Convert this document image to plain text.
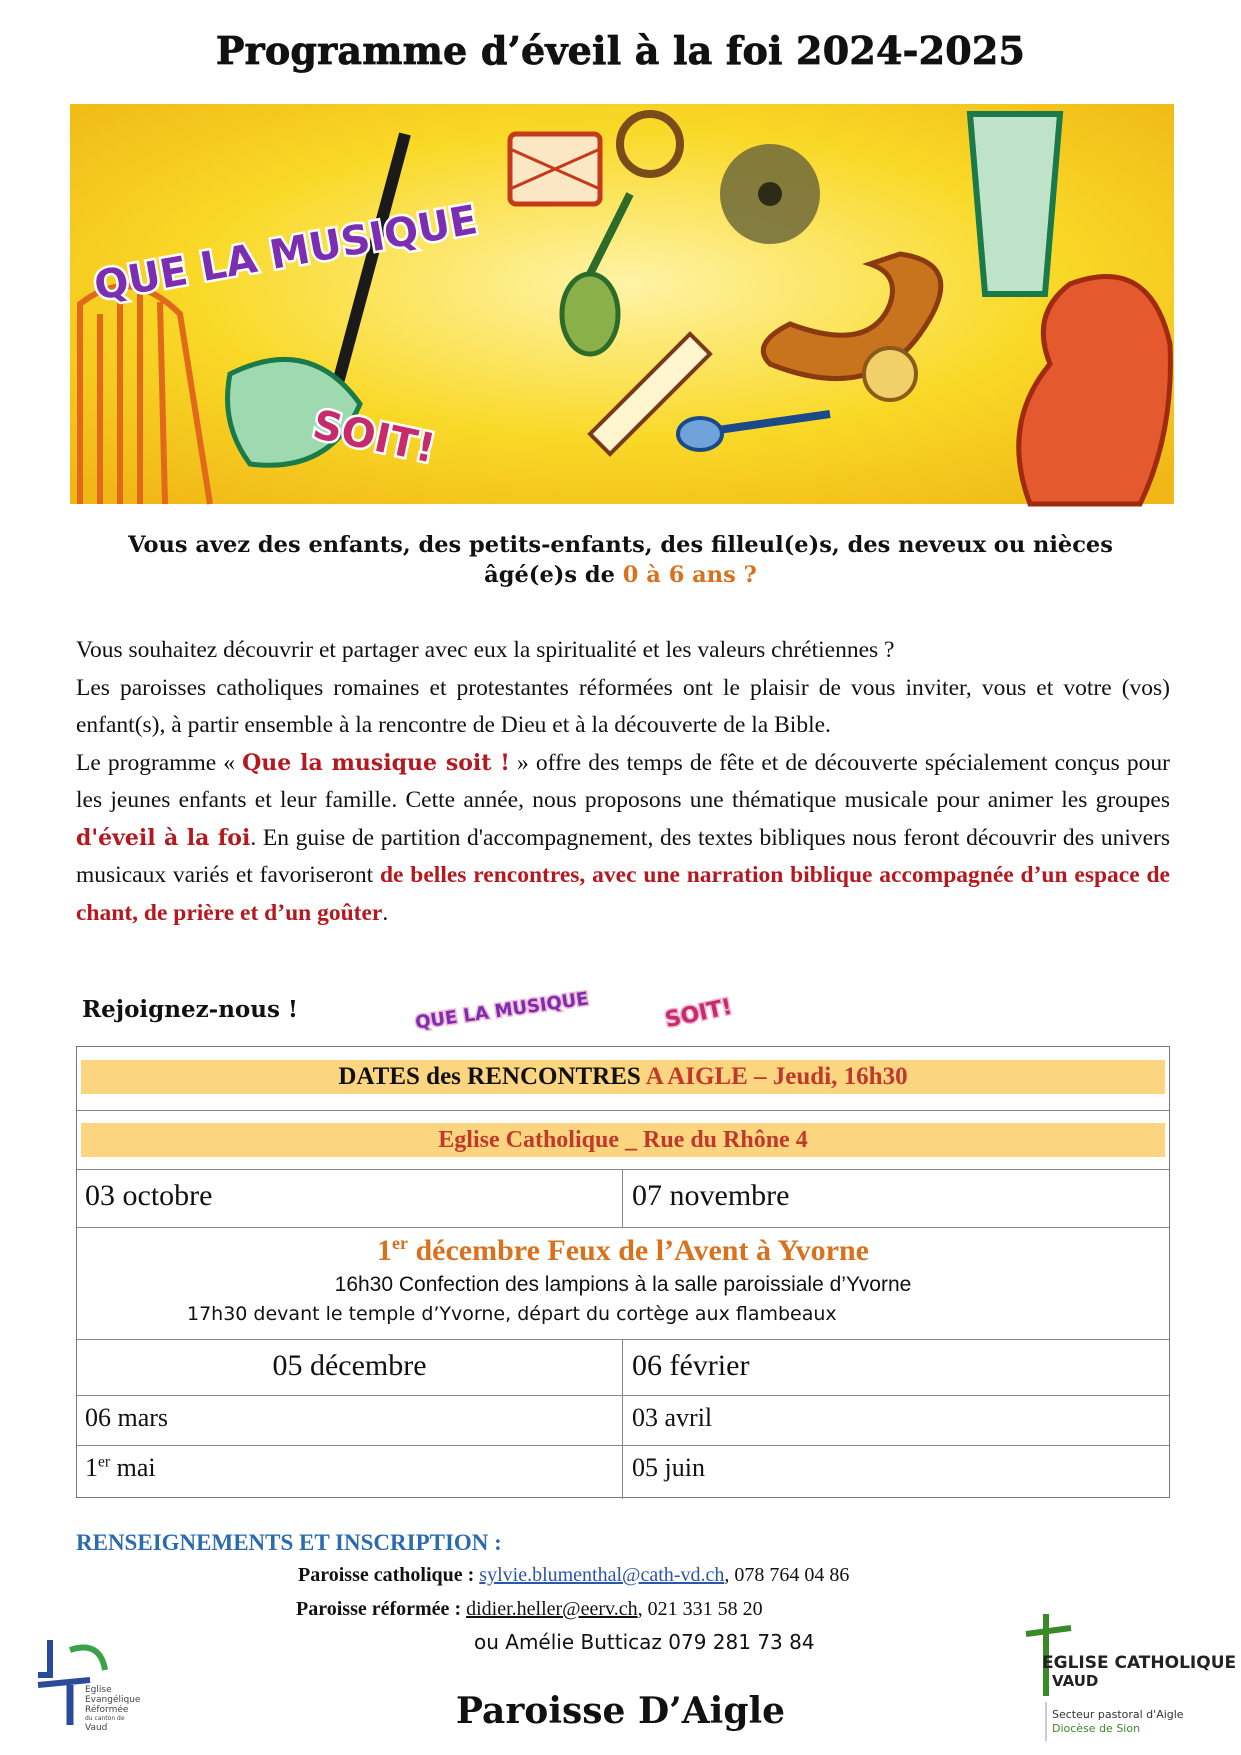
Programme d’éveil à la foi 2024-2025
QUE LA MUSIQUE
SOIT!
Vous avez des enfants, des petits-enfants, des filleul(e)s, des neveux ou nièces
âgé(e)s de 0 à 6 ans ?

Vous souhaitez découvrir et partager avec eux la spiritualité et les valeurs chrétiennes ?

Les paroisses catholiques romaines et protestantes réformées ont le plaisir de vous inviter, vous et votre (vos) enfant(s), à partir ensemble à la rencontre de Dieu et à la découverte de la Bible.

Le programme « Que la musique soit ! » offre des temps de fête et de découverte spécialement conçus pour les jeunes enfants et leur famille. Cette année, nous proposons une thématique musicale pour animer les groupes d'éveil à la foi. En guise de partition d'accompagnement, des textes bibliques nous feront découvrir des univers musicaux variés et favoriseront de belles rencontres, avec une narration biblique accompagnée d’un espace de chant, de prière et d’un goûter.

Rejoignez-nous !	QUE LA MUSIQUE	SOIT!
DATES des RENCONTRES A AIGLE – Jeudi, 16h30
Eglise Catholique _ Rue du Rhône 4
03 octobre	07 novembre
1er décembre Feux de l’Avent à Yvorne
16h30 Confection des lampions à la salle paroissiale d’Yvorne
17h30 devant le temple d’Yvorne, départ du cortège aux flambeaux
05 décembre	06 février
06 mars	03 avril
1er mai	05 juin
RENSEIGNEMENTS ET INSCRIPTION :
Paroisse catholique : sylvie.blumenthal@cath-vd.ch, 078 764 04 86
Paroisse réformée : didier.heller@eerv.ch, 021 331 58 20
ou Amélie Butticaz 079 281 73 84
Paroisse D’Aigle
Eglise
Evangélique
Réformée
du canton de
Vaud
EGLISE CATHOLIQUE
VAUD
Secteur pastoral d'Aigle
Diocèse de Sion
